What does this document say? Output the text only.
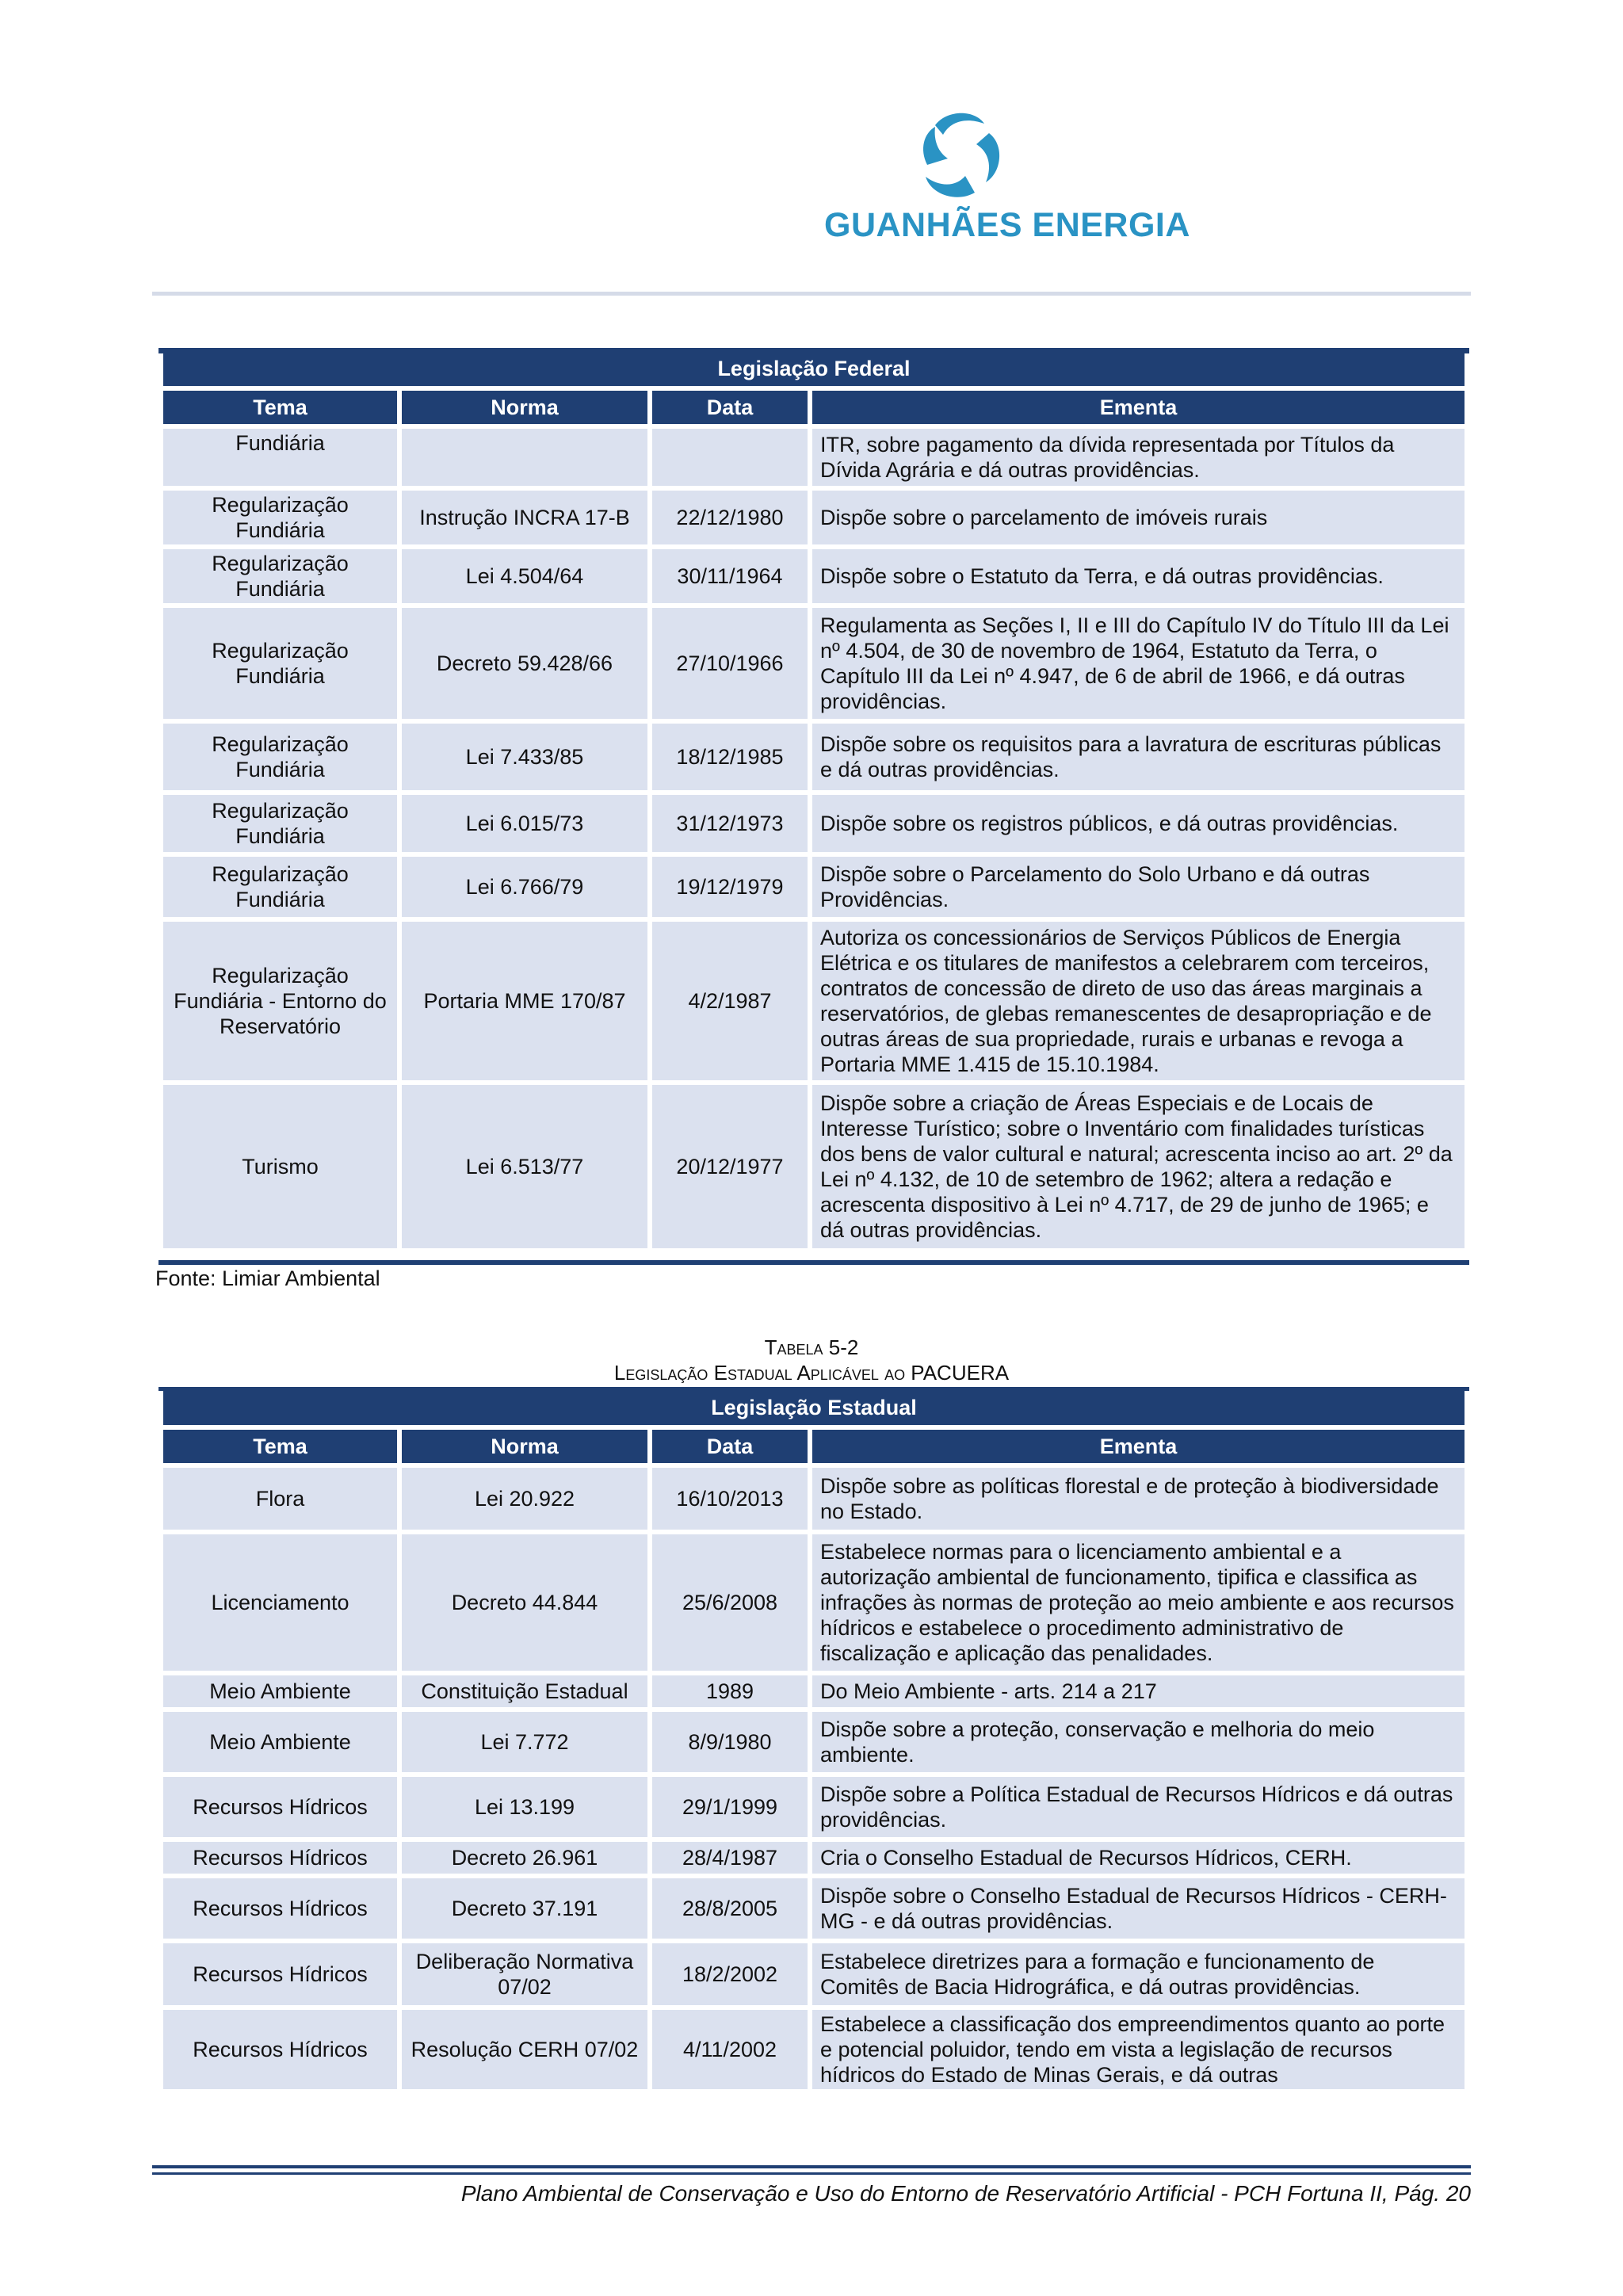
GUANHÃES ENERGIA
Legislação Federal			
Tema	Norma	Data	Ementa
Fundiária			ITR, sobre pagamento da dívida representada por Títulos da Dívida Agrária e dá outras providências.
Regularização Fundiária	Instrução INCRA 17-B	22/12/1980	Dispõe sobre o parcelamento de imóveis rurais
Regularização Fundiária	Lei 4.504/64	30/11/1964	Dispõe sobre o Estatuto da Terra, e dá outras providências.
Regularização Fundiária	Decreto 59.428/66	27/10/1966	Regulamenta as Seções I, II e III do Capítulo IV do Título III da Lei nº 4.504, de 30 de novembro de 1964, Estatuto da Terra, o Capítulo III da Lei nº 4.947, de 6 de abril de 1966, e dá outras providências.
Regularização Fundiária	Lei 7.433/85	18/12/1985	Dispõe sobre os requisitos para a lavratura de escrituras públicas e dá outras providências.
Regularização Fundiária	Lei 6.015/73	31/12/1973	Dispõe sobre os registros públicos, e dá outras providências.
Regularização Fundiária	Lei 6.766/79	19/12/1979	Dispõe sobre o Parcelamento do Solo Urbano e dá outras Providências.
Regularização Fundiária - Entorno do Reservatório	Portaria MME 170/87	4/2/1987	Autoriza os concessionários de Serviços Públicos de Energia Elétrica e os titulares de manifestos a celebrarem com terceiros, contratos de concessão de direto de uso das áreas marginais a reservatórios, de glebas remanescentes de desapropriação e de outras áreas de sua propriedade, rurais e urbanas e revoga a Portaria MME 1.415 de 15.10.1984.
Turismo	Lei 6.513/77	20/12/1977	Dispõe sobre a criação de Áreas Especiais e de Locais de Interesse Turístico; sobre o Inventário com finalidades turísticas dos bens de valor cultural e natural; acrescenta inciso ao art. 2º da Lei nº 4.132, de 10 de setembro de 1962; altera a redação e acrescenta dispositivo à Lei nº 4.717, de 29 de junho de 1965; e dá outras providências.
Fonte: Limiar Ambiental
Tabela 5-2
Legislação Estadual Aplicável ao PACUERA
Legislação Estadual			
Tema	Norma	Data	Ementa
Flora	Lei 20.922	16/10/2013	Dispõe sobre as políticas florestal e de proteção à biodiversidade no Estado.
Licenciamento	Decreto 44.844	25/6/2008	Estabelece normas para o licenciamento ambiental e a autorização ambiental de funcionamento, tipifica e classifica as infrações às normas de proteção ao meio ambiente e aos recursos hídricos e estabelece o procedimento administrativo de fiscalização e aplicação das penalidades.
Meio Ambiente	Constituição Estadual	1989	Do Meio Ambiente - arts. 214 a 217
Meio Ambiente	Lei 7.772	8/9/1980	Dispõe sobre a proteção, conservação e melhoria do meio ambiente.
Recursos Hídricos	Lei 13.199	29/1/1999	Dispõe sobre a Política Estadual de Recursos Hídricos e dá outras providências.
Recursos Hídricos	Decreto 26.961	28/4/1987	Cria o Conselho Estadual de Recursos Hídricos, CERH.
Recursos Hídricos	Decreto 37.191	28/8/2005	Dispõe sobre o Conselho Estadual de Recursos Hídricos - CERH-MG - e dá outras providências.
Recursos Hídricos	Deliberação Normativa 07/02	18/2/2002	Estabelece diretrizes para a formação e funcionamento de Comitês de Bacia Hidrográfica, e dá outras providências.
Recursos Hídricos	Resolução CERH 07/02	4/11/2002	Estabelece a classificação dos empreendimentos quanto ao porte e potencial poluidor, tendo em vista a legislação de recursos hídricos do Estado de Minas Gerais, e dá outras
Plano Ambiental de Conservação e Uso do Entorno de Reservatório Artificial - PCH Fortuna II, Pág. 20
